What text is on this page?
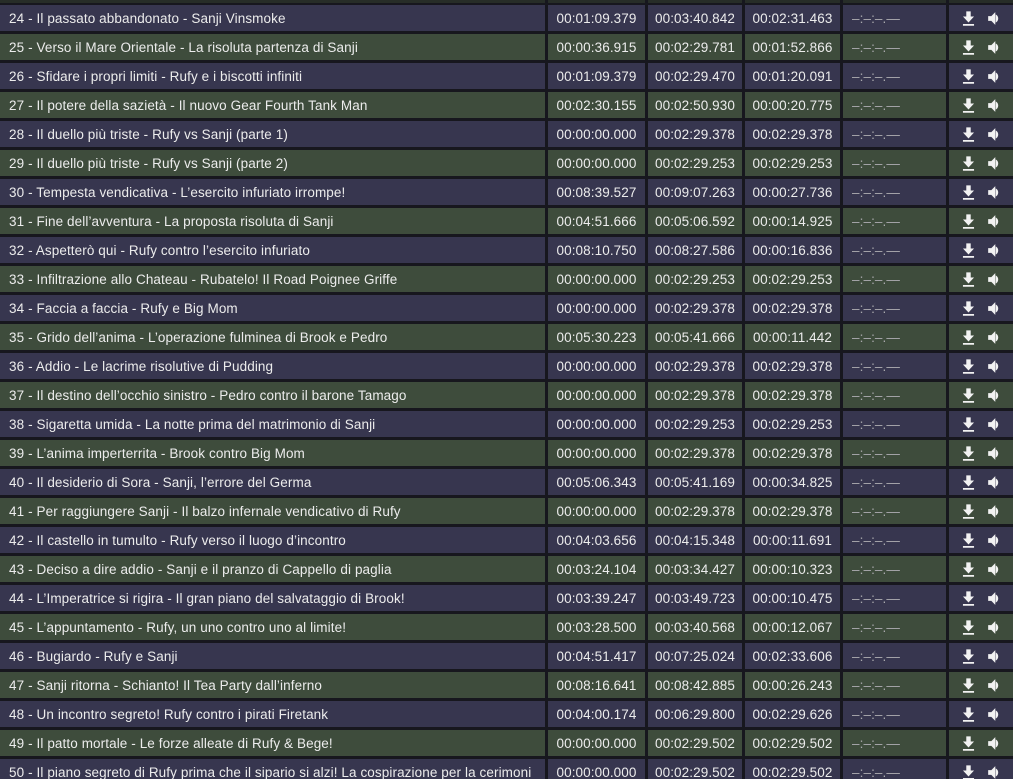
24 - Il passato abbandonato - Sanji Vinsmoke	00:01:09.379	00:03:40.842	00:02:31.463	–:–:–.—
25 - Verso il Mare Orientale - La risoluta partenza di Sanji	00:00:36.915	00:02:29.781	00:01:52.866	–:–:–.—
26 - Sfidare i propri limiti - Rufy e i biscotti infiniti	00:01:09.379	00:02:29.470	00:01:20.091	–:–:–.—
27 - Il potere della sazietà - Il nuovo Gear Fourth Tank Man	00:02:30.155	00:02:50.930	00:00:20.775	–:–:–.—
28 - Il duello più triste - Rufy vs Sanji (parte 1)	00:00:00.000	00:02:29.378	00:02:29.378	–:–:–.—
29 - Il duello più triste - Rufy vs Sanji (parte 2)	00:00:00.000	00:02:29.253	00:02:29.253	–:–:–.—
30 - Tempesta vendicativa - L’esercito infuriato irrompe!	00:08:39.527	00:09:07.263	00:00:27.736	–:–:–.—
31 - Fine dell’avventura - La proposta risoluta di Sanji	00:04:51.666	00:05:06.592	00:00:14.925	–:–:–.—
32 - Aspetterò qui - Rufy contro l’esercito infuriato	00:08:10.750	00:08:27.586	00:00:16.836	–:–:–.—
33 - Infiltrazione allo Chateau - Rubatelo! Il Road Poignee Griffe	00:00:00.000	00:02:29.253	00:02:29.253	–:–:–.—
34 - Faccia a faccia - Rufy e Big Mom	00:00:00.000	00:02:29.378	00:02:29.378	–:–:–.—
35 - Grido dell’anima - L’operazione fulminea di Brook e Pedro	00:05:30.223	00:05:41.666	00:00:11.442	–:–:–.—
36 - Addio - Le lacrime risolutive di Pudding	00:00:00.000	00:02:29.378	00:02:29.378	–:–:–.—
37 - Il destino dell’occhio sinistro - Pedro contro il barone Tamago	00:00:00.000	00:02:29.378	00:02:29.378	–:–:–.—
38 - Sigaretta umida - La notte prima del matrimonio di Sanji	00:00:00.000	00:02:29.253	00:02:29.253	–:–:–.—
39 - L’anima imperterrita - Brook contro Big Mom	00:00:00.000	00:02:29.378	00:02:29.378	–:–:–.—
40 - Il desiderio di Sora - Sanji, l’errore del Germa	00:05:06.343	00:05:41.169	00:00:34.825	–:–:–.—
41 - Per raggiungere Sanji - Il balzo infernale vendicativo di Rufy	00:00:00.000	00:02:29.378	00:02:29.378	–:–:–.—
42 - Il castello in tumulto - Rufy verso il luogo d’incontro	00:04:03.656	00:04:15.348	00:00:11.691	–:–:–.—
43 - Deciso a dire addio - Sanji e il pranzo di Cappello di paglia	00:03:24.104	00:03:34.427	00:00:10.323	–:–:–.—
44 - L’Imperatrice si rigira - Il gran piano del salvataggio di Brook!	00:03:39.247	00:03:49.723	00:00:10.475	–:–:–.—
45 - L’appuntamento - Rufy, un uno contro uno al limite!	00:03:28.500	00:03:40.568	00:00:12.067	–:–:–.—
46 - Bugiardo - Rufy e Sanji	00:04:51.417	00:07:25.024	00:02:33.606	–:–:–.—
47 - Sanji ritorna - Schianto! Il Tea Party dall’inferno	00:08:16.641	00:08:42.885	00:00:26.243	–:–:–.—
48 - Un incontro segreto! Rufy contro i pirati Firetank	00:04:00.174	00:06:29.800	00:02:29.626	–:–:–.—
49 - Il patto mortale - Le forze alleate di Rufy & Bege!	00:00:00.000	00:02:29.502	00:02:29.502	–:–:–.—
50 - Il piano segreto di Rufy prima che il sipario si alzi! La cospirazione per la cerimoni	00:00:00.000	00:02:29.502	00:02:29.502	–:–:–.—
